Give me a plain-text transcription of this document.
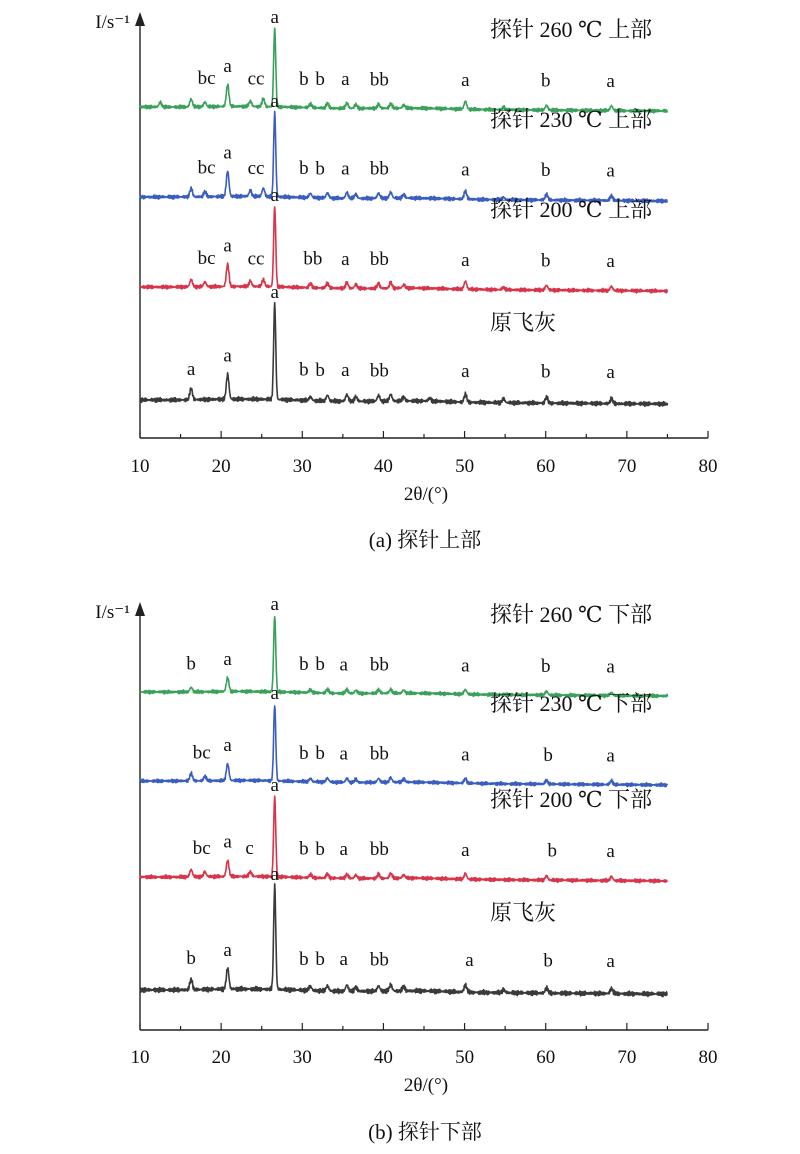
I/s⁻¹
10	20	30	40	50	60	70	80
2θ/(°)
(a) 探针上部
探针 260 ℃ 上部
bc
a
cc
a
b b a bb	a	b	a
探针 230 ℃ 上部
bc
a
cc
a
b b a bb	a	b	a
探针 200 ℃ 上部
bc
a
cc
a
bb a bb	a	b	a
原飞灰
a
a
a
b b a bb	a	b	a
I/s⁻¹
10	20	30	40	50	60	70	80
2θ/(°)
(b) 探针下部
探针 260 ℃ 下部
b a
a
b b a bb	a	b	a
探针 230 ℃ 下部
bc a
a
b b a bb	a	b	a
探针 200 ℃ 下部
bc a c
a
b b a bb	a	b	a
原飞灰
b a
a
b b a bb	a	b	a
